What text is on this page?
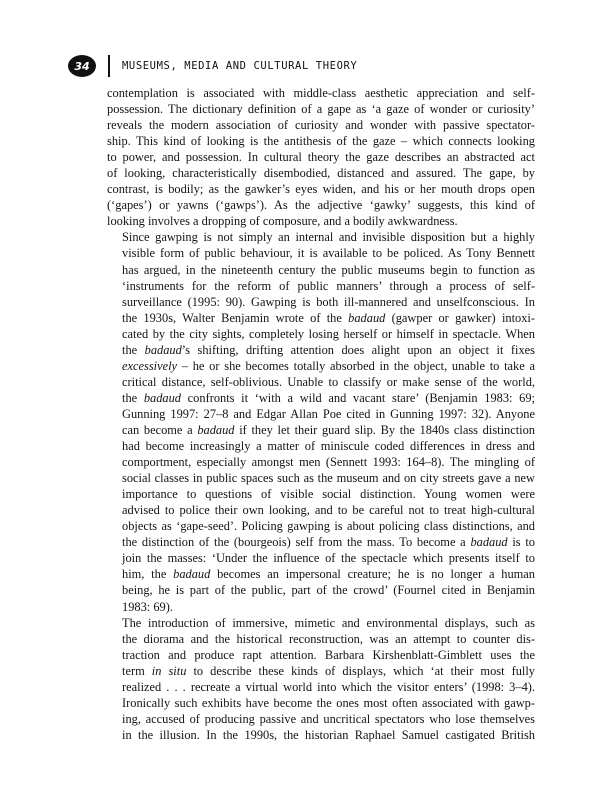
34	MUSEUMS, MEDIA AND CULTURAL THEORY

contemplation is associated with middle-class aesthetic appreciation and self-
possession. The dictionary definition of a gape as ‘a gaze of wonder or curiosity’
reveals the modern association of curiosity and wonder with passive spectator-
ship. This kind of looking is the antithesis of the gaze – which connects looking
to power, and possession. In cultural theory the gaze describes an abstracted act
of looking, characteristically disembodied, distanced and assured. The gape, by
contrast, is bodily; as the gawker’s eyes widen, and his or her mouth drops open
(‘gapes’) or yawns (‘gawps’). As the adjective ‘gawky’ suggests, this kind of
looking involves a dropping of composure, and a bodily awkwardness.

Since gawping is not simply an internal and invisible disposition but a highly
visible form of public behaviour, it is available to be policed. As Tony Bennett
has argued, in the nineteenth century the public museums begin to function as
‘instruments for the reform of public manners’ through a process of self-
surveillance (1995: 90). Gawping is both ill-mannered and unselfconscious. In
the 1930s, Walter Benjamin wrote of the badaud (gawper or gawker) intoxi-
cated by the city sights, completely losing herself or himself in spectacle. When
the badaud’s shifting, drifting attention does alight upon an object it fixes
excessively – he or she becomes totally absorbed in the object, unable to take a
critical distance, self-oblivious. Unable to classify or make sense of the world,
the badaud confronts it ‘with a wild and vacant stare’ (Benjamin 1983: 69;
Gunning 1997: 27–8 and Edgar Allan Poe cited in Gunning 1997: 32). Anyone
can become a badaud if they let their guard slip. By the 1840s class distinction
had become increasingly a matter of miniscule coded differences in dress and
comportment, especially amongst men (Sennett 1993: 164–8). The mingling of
social classes in public spaces such as the museum and on city streets gave a new
importance to questions of visible social distinction. Young women were
advised to police their own looking, and to be careful not to treat high-cultural
objects as ‘gape-seed’. Policing gawping is about policing class distinctions, and
the distinction of the (bourgeois) self from the mass. To become a badaud is to
join the masses: ‘Under the influence of the spectacle which presents itself to
him, the badaud becomes an impersonal creature; he is no longer a human
being, he is part of the public, part of the crowd’ (Fournel cited in Benjamin
1983: 69).

The introduction of immersive, mimetic and environmental displays, such as
the diorama and the historical reconstruction, was an attempt to counter dis-
traction and produce rapt attention. Barbara Kirshenblatt-Gimblett uses the
term in situ to describe these kinds of displays, which ‘at their most fully
realized . . . recreate a virtual world into which the visitor enters’ (1998: 3–4).
Ironically such exhibits have become the ones most often associated with gawp-
ing, accused of producing passive and uncritical spectators who lose themselves
in the illusion. In the 1990s, the historian Raphael Samuel castigated British
